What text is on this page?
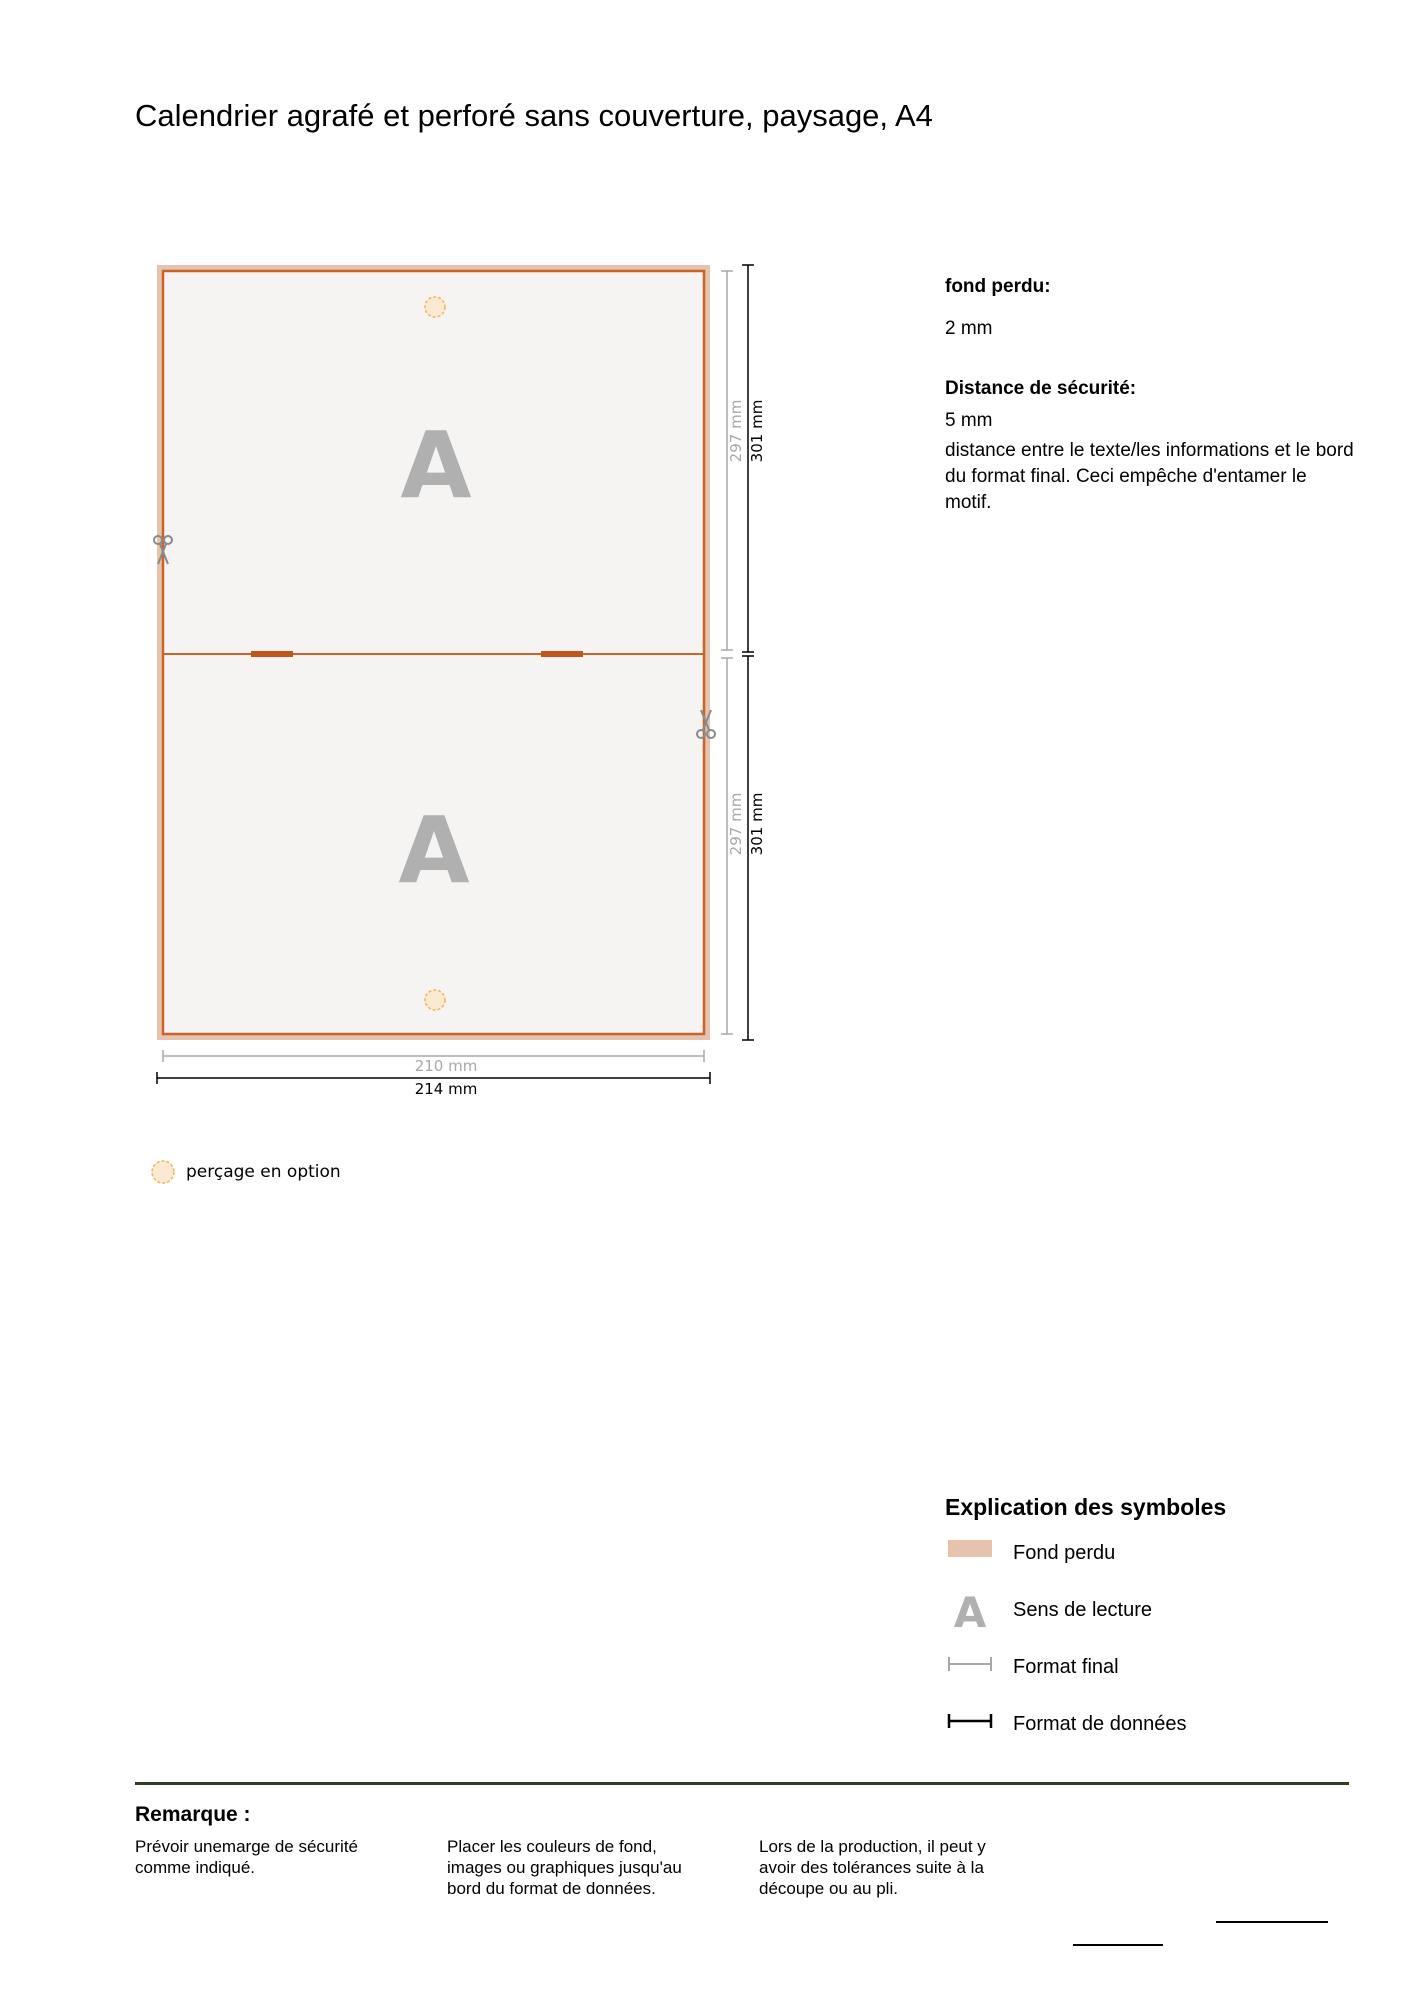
Calendrier agrafé et perforé sans couverture, paysage, A4
A
A
297 mm 301 mm
297 mm 301 mm
210 mm
214 mm
perçage en option
fond perdu:
2 mm
Distance de sécurité:
5 mm
distance entre le texte/les informations et le bord du format final. Ceci empêche d'entamer le motif.
Explication des symboles
Fond perdu
A Sens de lecture
Format final
Format de données
Remarque :
Prévoir unemarge de sécurité comme indiqué.
Placer les couleurs de fond, images ou graphiques jusqu'au bord du format de données.
Lors de la production, il peut y avoir des tolérances suite à la découpe ou au pli.
